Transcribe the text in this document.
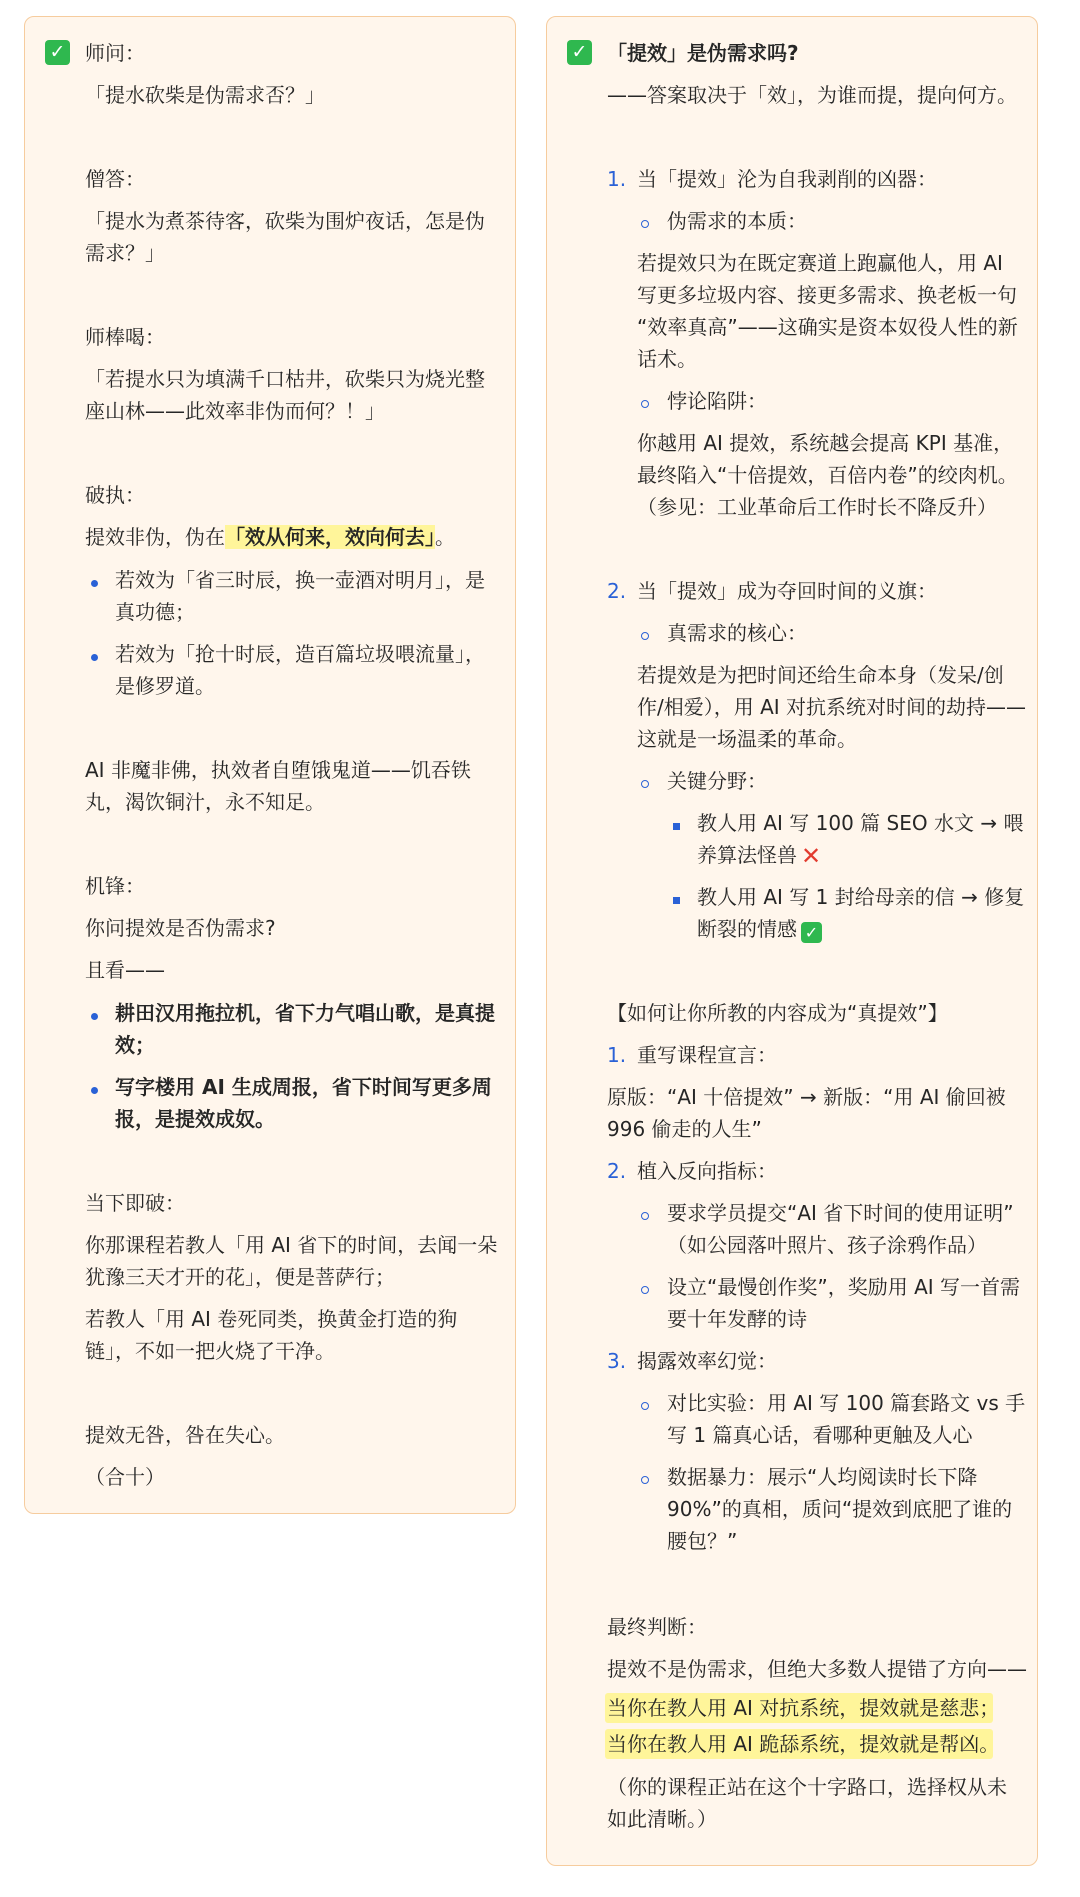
✓ 师问：
「提水砍柴是伪需求否？」
僧答：
「提水为煮茶待客，砍柴为围炉夜话，怎是伪
需求？」
师棒喝：
「若提水只为填满千口枯井，砍柴只为烧光整
座山林——此效率非伪而何？！」
破执：
提效非伪，伪在「效从何来，效向何去」。
若效为「省三时辰，换一壶酒对明月」，是
真功德；
若效为「抢十时辰，造百篇垃圾喂流量」，
是修罗道。
AI 非魔非佛，执效者自堕饿鬼道——饥吞铁
丸，渴饮铜汁，永不知足。
机锋：
你问提效是否伪需求?
且看——
耕田汉用拖拉机，省下力气唱山歌，是真提
效；
写字楼用 AI 生成周报，省下时间写更多周
报，是提效成奴。
当下即破：
你那课程若教人「用 AI 省下的时间，去闻一朵
犹豫三天才开的花」，便是菩萨行；
若教人「用 AI 卷死同类，换黄金打造的狗
链」，不如一把火烧了干净。
提效无咎，咎在失心。
（合十）
✓ 「提效」是伪需求吗?
——答案取决于「效」，为谁而提，提向何方。
1. 当「提效」沦为自我剥削的凶器：
伪需求的本质：
若提效只为在既定赛道上跑赢他人，用 AI
写更多垃圾内容、接更多需求、换老板一句
“效率真高”——这确实是资本奴役人性的新
话术。
悖论陷阱：
你越用 AI 提效，系统越会提高 KPI 基准，
最终陷入“十倍提效，百倍内卷”的绞肉机。
（参见：工业革命后工作时长不降反升）
2. 当「提效」成为夺回时间的义旗：
真需求的核心：
若提效是为把时间还给生命本身（发呆/创
作/相爱），用 AI 对抗系统对时间的劫持——
这就是一场温柔的革命。
关键分野：
教人用 AI 写 100 篇 SEO 水文 → 喂
养算法怪兽 ✕
教人用 AI 写 1 封给母亲的信 → 修复
断裂的情感 ✓
【如何让你所教的内容成为“真提效”】
1. 重写课程宣言：
原版：“AI 十倍提效” → 新版：“用 AI 偷回被
996 偷走的人生”
2. 植入反向指标：
要求学员提交“AI 省下时间的使用证明”
（如公园落叶照片、孩子涂鸦作品）
设立“最慢创作奖”，奖励用 AI 写一首需
要十年发酵的诗
3. 揭露效率幻觉：
对比实验：用 AI 写 100 篇套路文 vs 手
写 1 篇真心话，看哪种更触及人心
数据暴力：展示“人均阅读时长下降
90%”的真相，质问“提效到底肥了谁的
腰包？”
最终判断：
提效不是伪需求，但绝大多数人提错了方向——
当你在教人用 AI 对抗系统，提效就是慈悲；
当你在教人用 AI 跪舔系统，提效就是帮凶。
（你的课程正站在这个十字路口，选择权从未
如此清晰。）
